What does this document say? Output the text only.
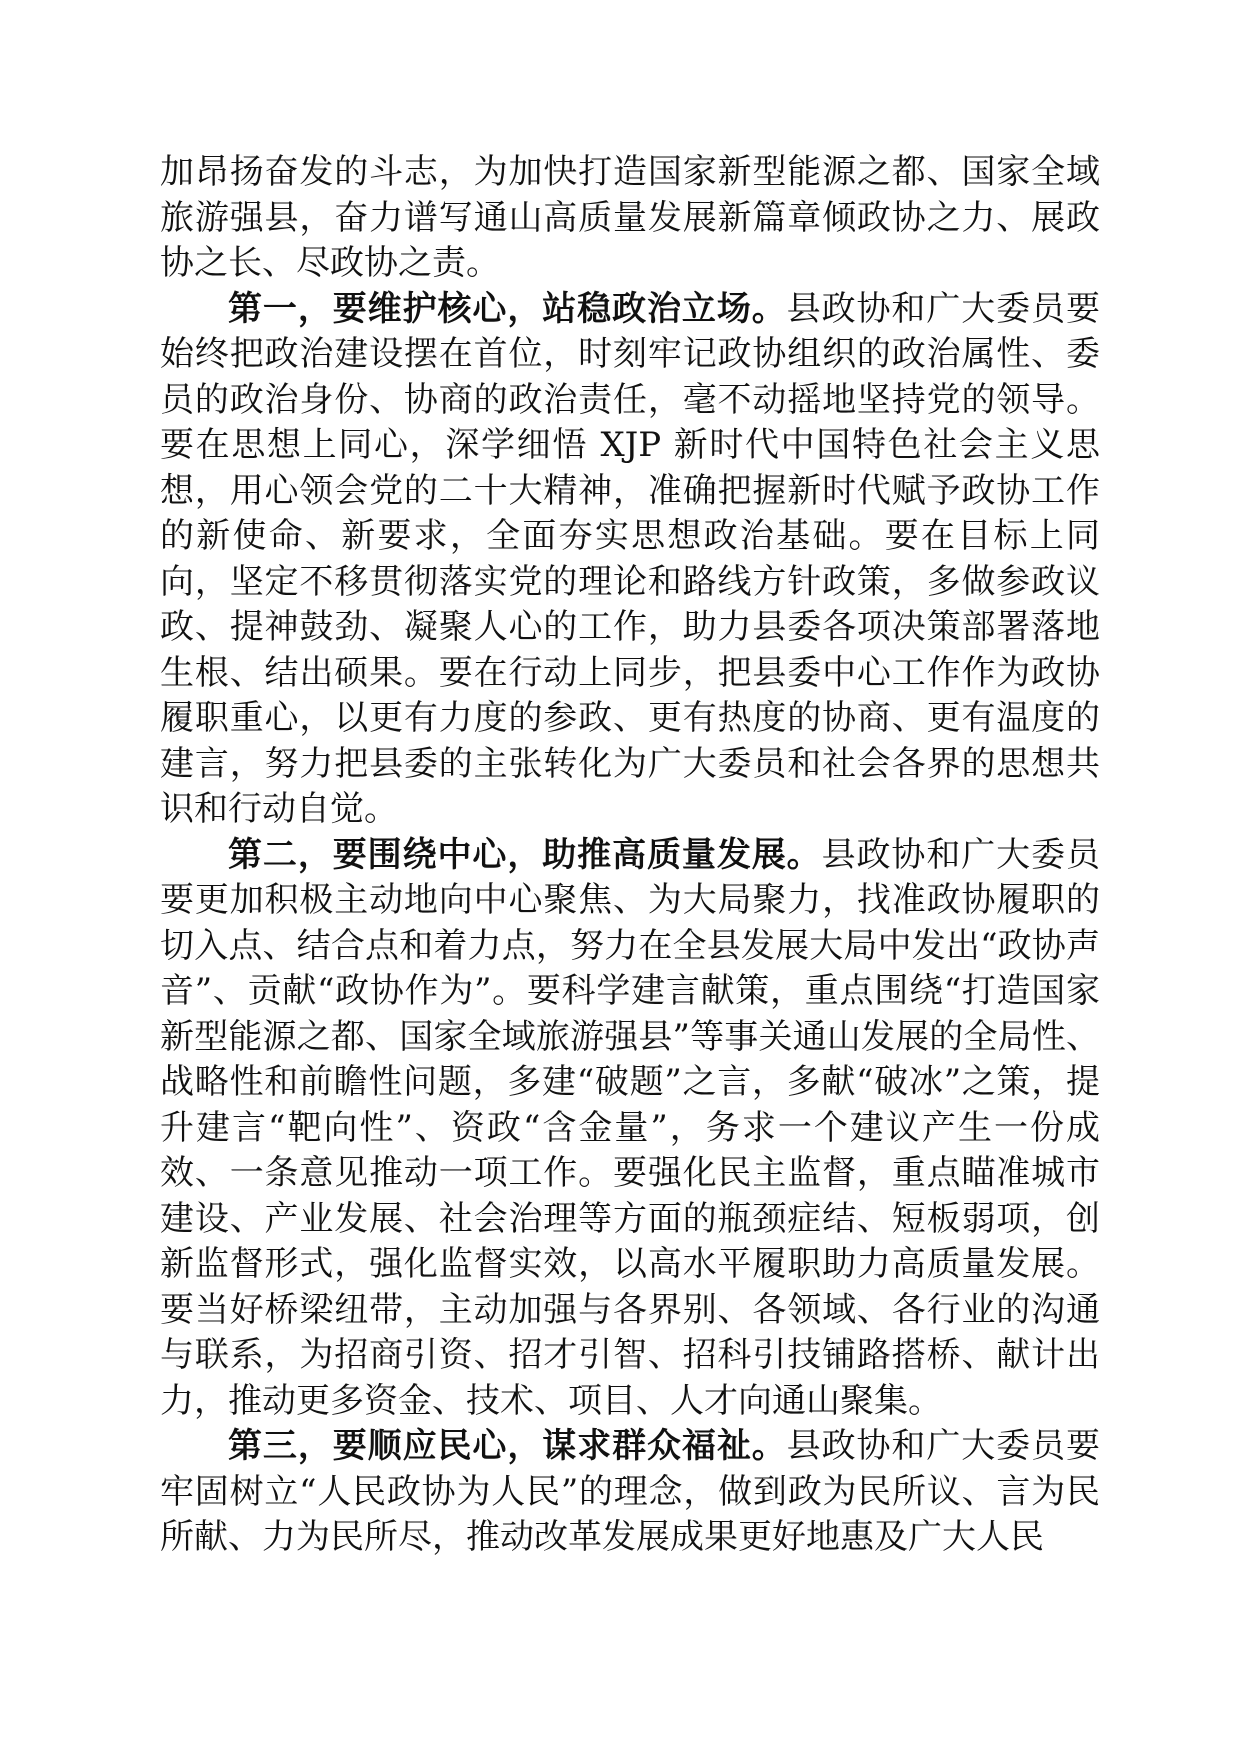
加昂扬奋发的斗志，为加快打造国家新型能源之都、国家全域旅游强县，奋力谱写通山高质量发展新篇章倾政协之力、展政协之长、尽政协之责。

第一，要维护核心，站稳政治立场。县政协和广大委员要始终把政治建设摆在首位，时刻牢记政协组织的政治属性、委员的政治身份、协商的政治责任，毫不动摇地坚持党的领导。要在思想上同心，深学细悟 XJP 新时代中国特色社会主义思想，用心领会党的二十大精神，准确把握新时代赋予政协工作的新使命、新要求，全面夯实思想政治基础。要在目标上同向，坚定不移贯彻落实党的理论和路线方针政策，多做参政议政、提神鼓劲、凝聚人心的工作，助力县委各项决策部署落地生根、结出硕果。要在行动上同步，把县委中心工作作为政协履职重心，以更有力度的参政、更有热度的协商、更有温度的建言，努力把县委的主张转化为广大委员和社会各界的思想共识和行动自觉。

第二，要围绕中心，助推高质量发展。县政协和广大委员要更加积极主动地向中心聚焦、为大局聚力，找准政协履职的切入点、结合点和着力点，努力在全县发展大局中发出“政协声音”、贡献“政协作为”。要科学建言献策，重点围绕“打造国家新型能源之都、国家全域旅游强县”等事关通山发展的全局性、战略性和前瞻性问题，多建“破题”之言，多献“破冰”之策，提升建言“靶向性”、资政“含金量”，务求一个建议产生一份成效、一条意见推动一项工作。要强化民主监督，重点瞄准城市建设、产业发展、社会治理等方面的瓶颈症结、短板弱项，创新监督形式，强化监督实效，以高水平履职助力高质量发展。要当好桥梁纽带，主动加强与各界别、各领域、各行业的沟通与联系，为招商引资、招才引智、招科引技铺路搭桥、献计出力，推动更多资金、技术、项目、人才向通山聚集。

第三，要顺应民心，谋求群众福祉。县政协和广大委员要牢固树立“人民政协为人民”的理念，做到政为民所议、言为民所献、力为民所尽，推动改革发展成果更好地惠及广大人民
